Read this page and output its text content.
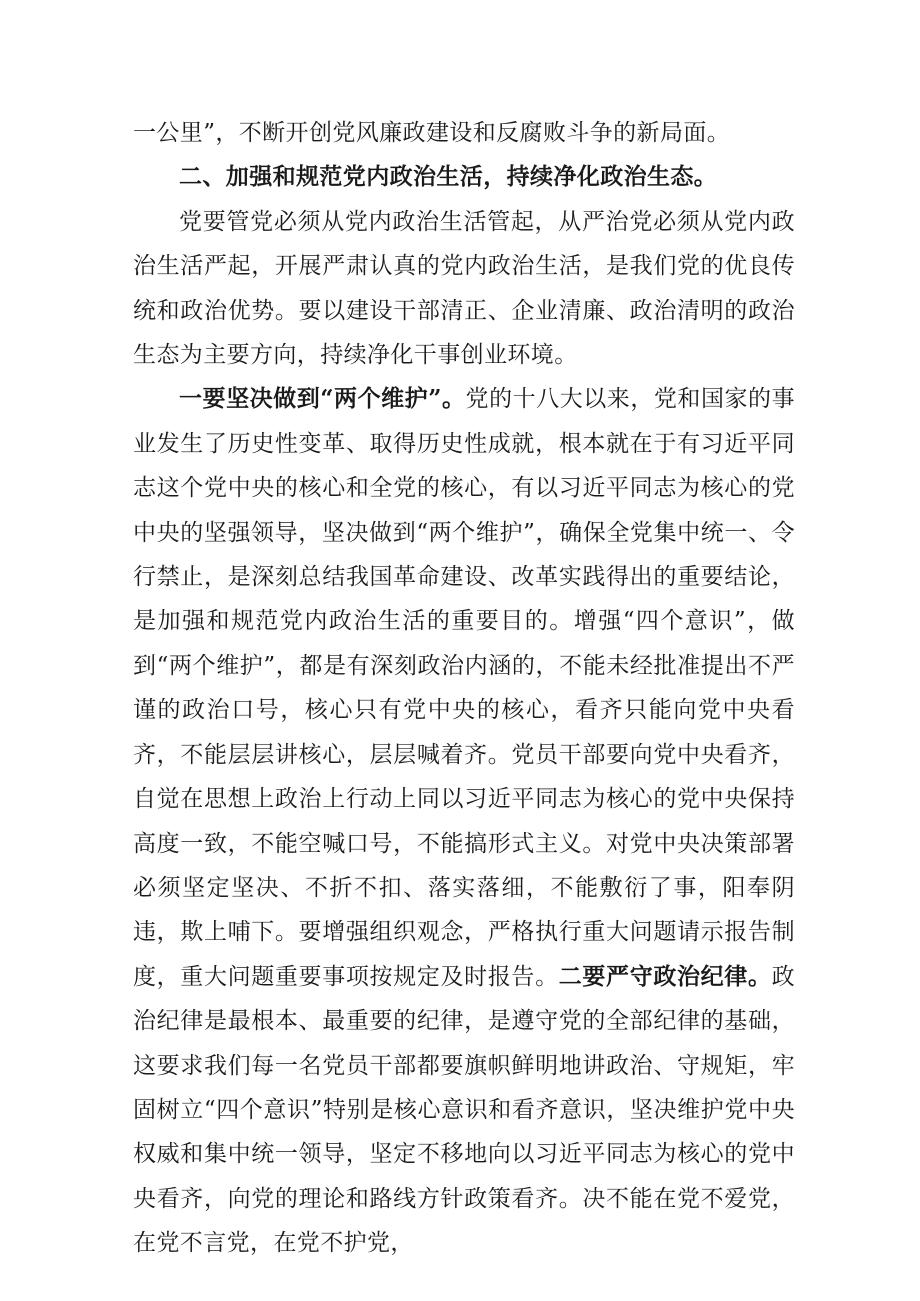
一公里”，不断开创党风廉政建设和反腐败斗争的新局面。

二、加强和规范党内政治生活，持续净化政治生态。

党要管党必须从党内政治生活管起，从严治党必须从党内政治生活严起，开展严肃认真的党内政治生活，是我们党的优良传统和政治优势。要以建设干部清正、企业清廉、政治清明的政治生态为主要方向，持续净化干事创业环境。

一要坚决做到“两个维护”。党的十八大以来，党和国家的事业发生了历史性变革、取得历史性成就，根本就在于有习近平同志这个党中央的核心和全党的核心，有以习近平同志为核心的党中央的坚强领导，坚决做到“两个维护”，确保全党集中统一、令行禁止，是深刻总结我国革命建设、改革实践得出的重要结论，是加强和规范党内政治生活的重要目的。增强“四个意识”，做到“两个维护”，都是有深刻政治内涵的，不能未经批准提出不严谨的政治口号，核心只有党中央的核心，看齐只能向党中央看齐，不能层层讲核心，层层喊着齐。党员干部要向党中央看齐，自觉在思想上政治上行动上同以习近平同志为核心的党中央保持高度一致，不能空喊口号，不能搞形式主义。对党中央决策部署必须坚定坚决、不折不扣、落实落细，不能敷衍了事，阳奉阴违，欺上哺下。要增强组织观念，严格执行重大问题请示报告制度，重大问题重要事项按规定及时报告。二要严守政治纪律。政治纪律是最根本、最重要的纪律，是遵守党的全部纪律的基础，这要求我们每一名党员干部都要旗帜鲜明地讲政治、守规矩，牢固树立“四个意识”特别是核心意识和看齐意识，坚决维护党中央权威和集中统一领导，坚定不移地向以习近平同志为核心的党中央看齐，向党的理论和路线方针政策看齐。决不能在党不爱党，在党不言党，在党不护党，
